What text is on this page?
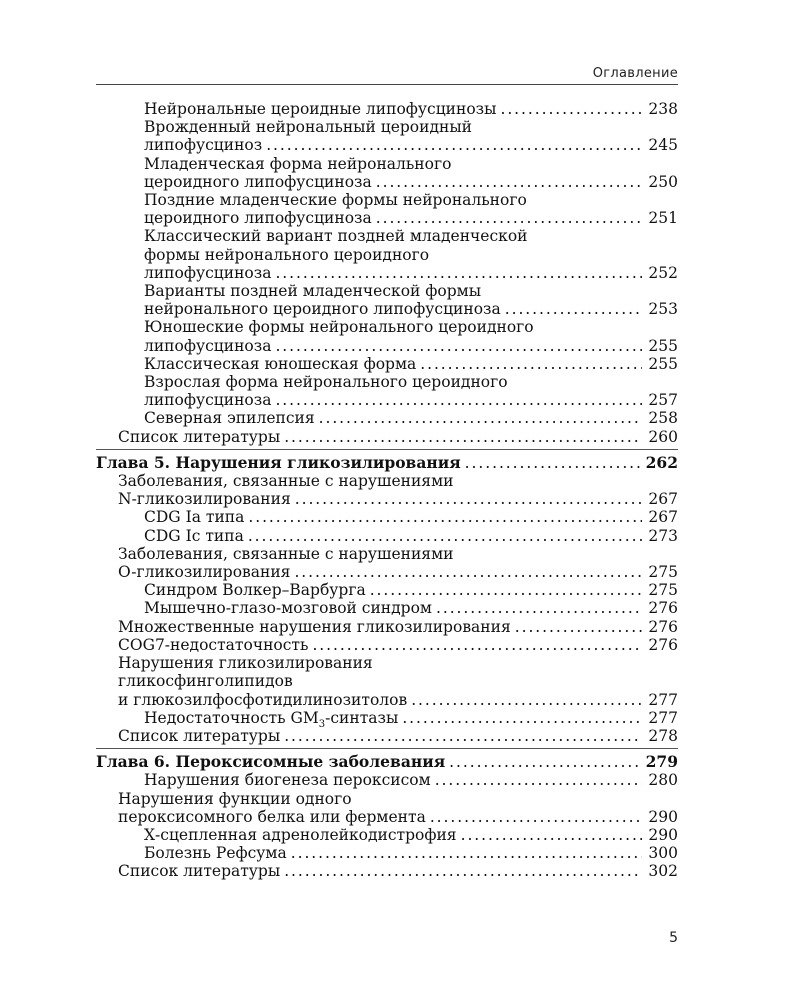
Оглавление
Нейрональные цероидные липофусцинозы . . .	238
Врожденный нейрональный цероидный
липофусциноз . . .	245
Младенческая форма нейронального
цероидного липофусциноза . . .	250
Поздние младенческие формы нейронального
цероидного липофусциноза . . .	251
Классический вариант поздней младенческой
формы нейронального цероидного
липофусциноза . . .	252
Варианты поздней младенческой формы
нейронального цероидного липофусциноза . . .	253
Юношеские формы нейронального цероидного
липофусциноза . . .	255
Классическая юношеская форма . . .	255
Взрослая форма нейронального цероидного
липофусциноза . . .	257
Северная эпилепсия . . .	258
Список литературы . . .	260
Глава 5. Нарушения гликозилирования . . .	262
Заболевания, связанные с нарушениями
N-гликозилирования . . .	267
CDG Ia типа . . .	267
CDG Ic типа . . .	273
Заболевания, связанные с нарушениями
O-гликозилирования . . .	275
Синдром Волкер–Варбурга . . .	275
Мышечно-глазо-мозговой синдром . . .	276
Множественные нарушения гликозилирования . . .	276
COG7-недостаточность . . .	276
Нарушения гликозилирования
гликосфинголипидов
и глюкозилфосфотидилинозитолов . . .	277
Недостаточность $GM_3$-синтазы . . .	277
Список литературы . . .	278
Глава 6. Пероксисомные заболевания . . .	279
Нарушения биогенеза пероксисом . . .	280
Нарушения функции одного
пероксисомного белка или фермента . . .	290
Х-сцепленная адренолейкодистрофия . . .	290
Болезнь Рефсума . . .	300
Список литературы . . .	302
5
